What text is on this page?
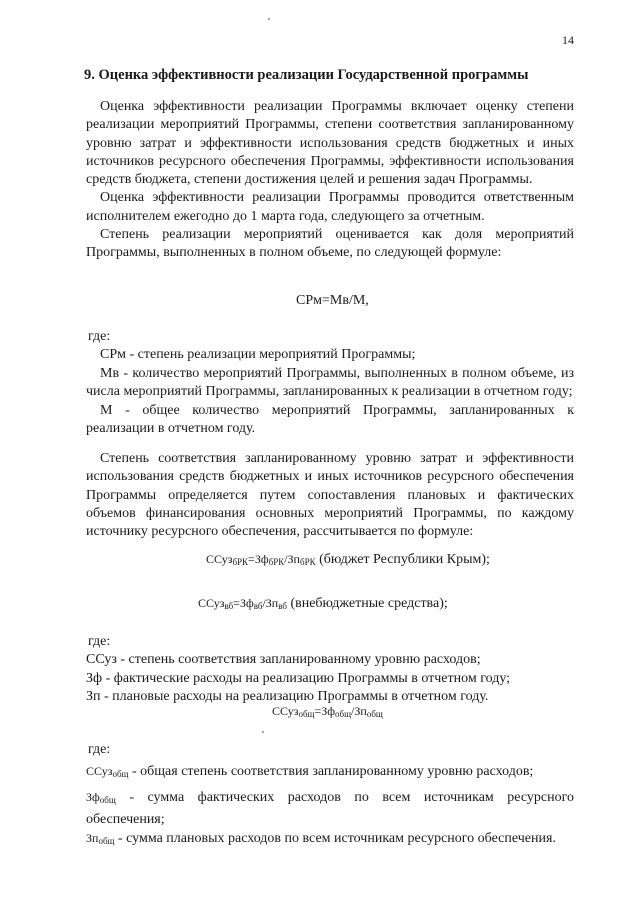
14
9. Оценка эффективности реализации Государственной программы

Оценка эффективности реализации Программы включает оценку степени реализации мероприятий Программы, степени соответствия запланированному уровню затрат и эффективности использования средств бюджетных и иных источников ресурсного обеспечения Программы, эффективности использования средств бюджета, степени достижения целей и решения задач Программы.

Оценка эффективности реализации Программы проводится ответственным исполнителем ежегодно до 1 марта года, следующего за отчетным.

Степень реализации мероприятий оценивается как доля мероприятий Программы, выполненных в полном объеме, по следующей формуле:

СРм=Мв/М,
где:

СРм - степень реализации мероприятий Программы;

Мв - количество мероприятий Программы, выполненных в полном объеме, из числа мероприятий Программы, запланированных к реализации в отчетном году;

М - общее количество мероприятий Программы, запланированных к реализации в отчетном году.

Степень соответствия запланированному уровню затрат и эффективности использования средств бюджетных и иных источников ресурсного обеспечения Программы определяется путем сопоставления плановых и фактических объемов финансирования основных мероприятий Программы, по каждому источнику ресурсного обеспечения, рассчитывается по формуле:

$ССуз_{бРК}=Зф_{бРК}/Зп_{бРК}$ (бюджет Республики Крым);
$ССуз_{вб}=Зф_{вб}/Зп_{вб}$ (внебюджетные средства);
где:

ССуз - степень соответствия запланированному уровню расходов;

Зф - фактические расходы на реализацию Программы в отчетном году;

Зп - плановые расходы на реализацию Программы в отчетном году.

$ССуз_{общ}=Зф_{общ}/Зп_{общ}$
где:
ССуз$_{общ}$ - общая степень соответствия запланированному уровню расходов;
$Зф_{общ}$ - сумма фактических расходов по всем источникам ресурсного обеспечения;
$Зп_{общ}$ - сумма плановых расходов по всем источникам ресурсного обеспечения.
